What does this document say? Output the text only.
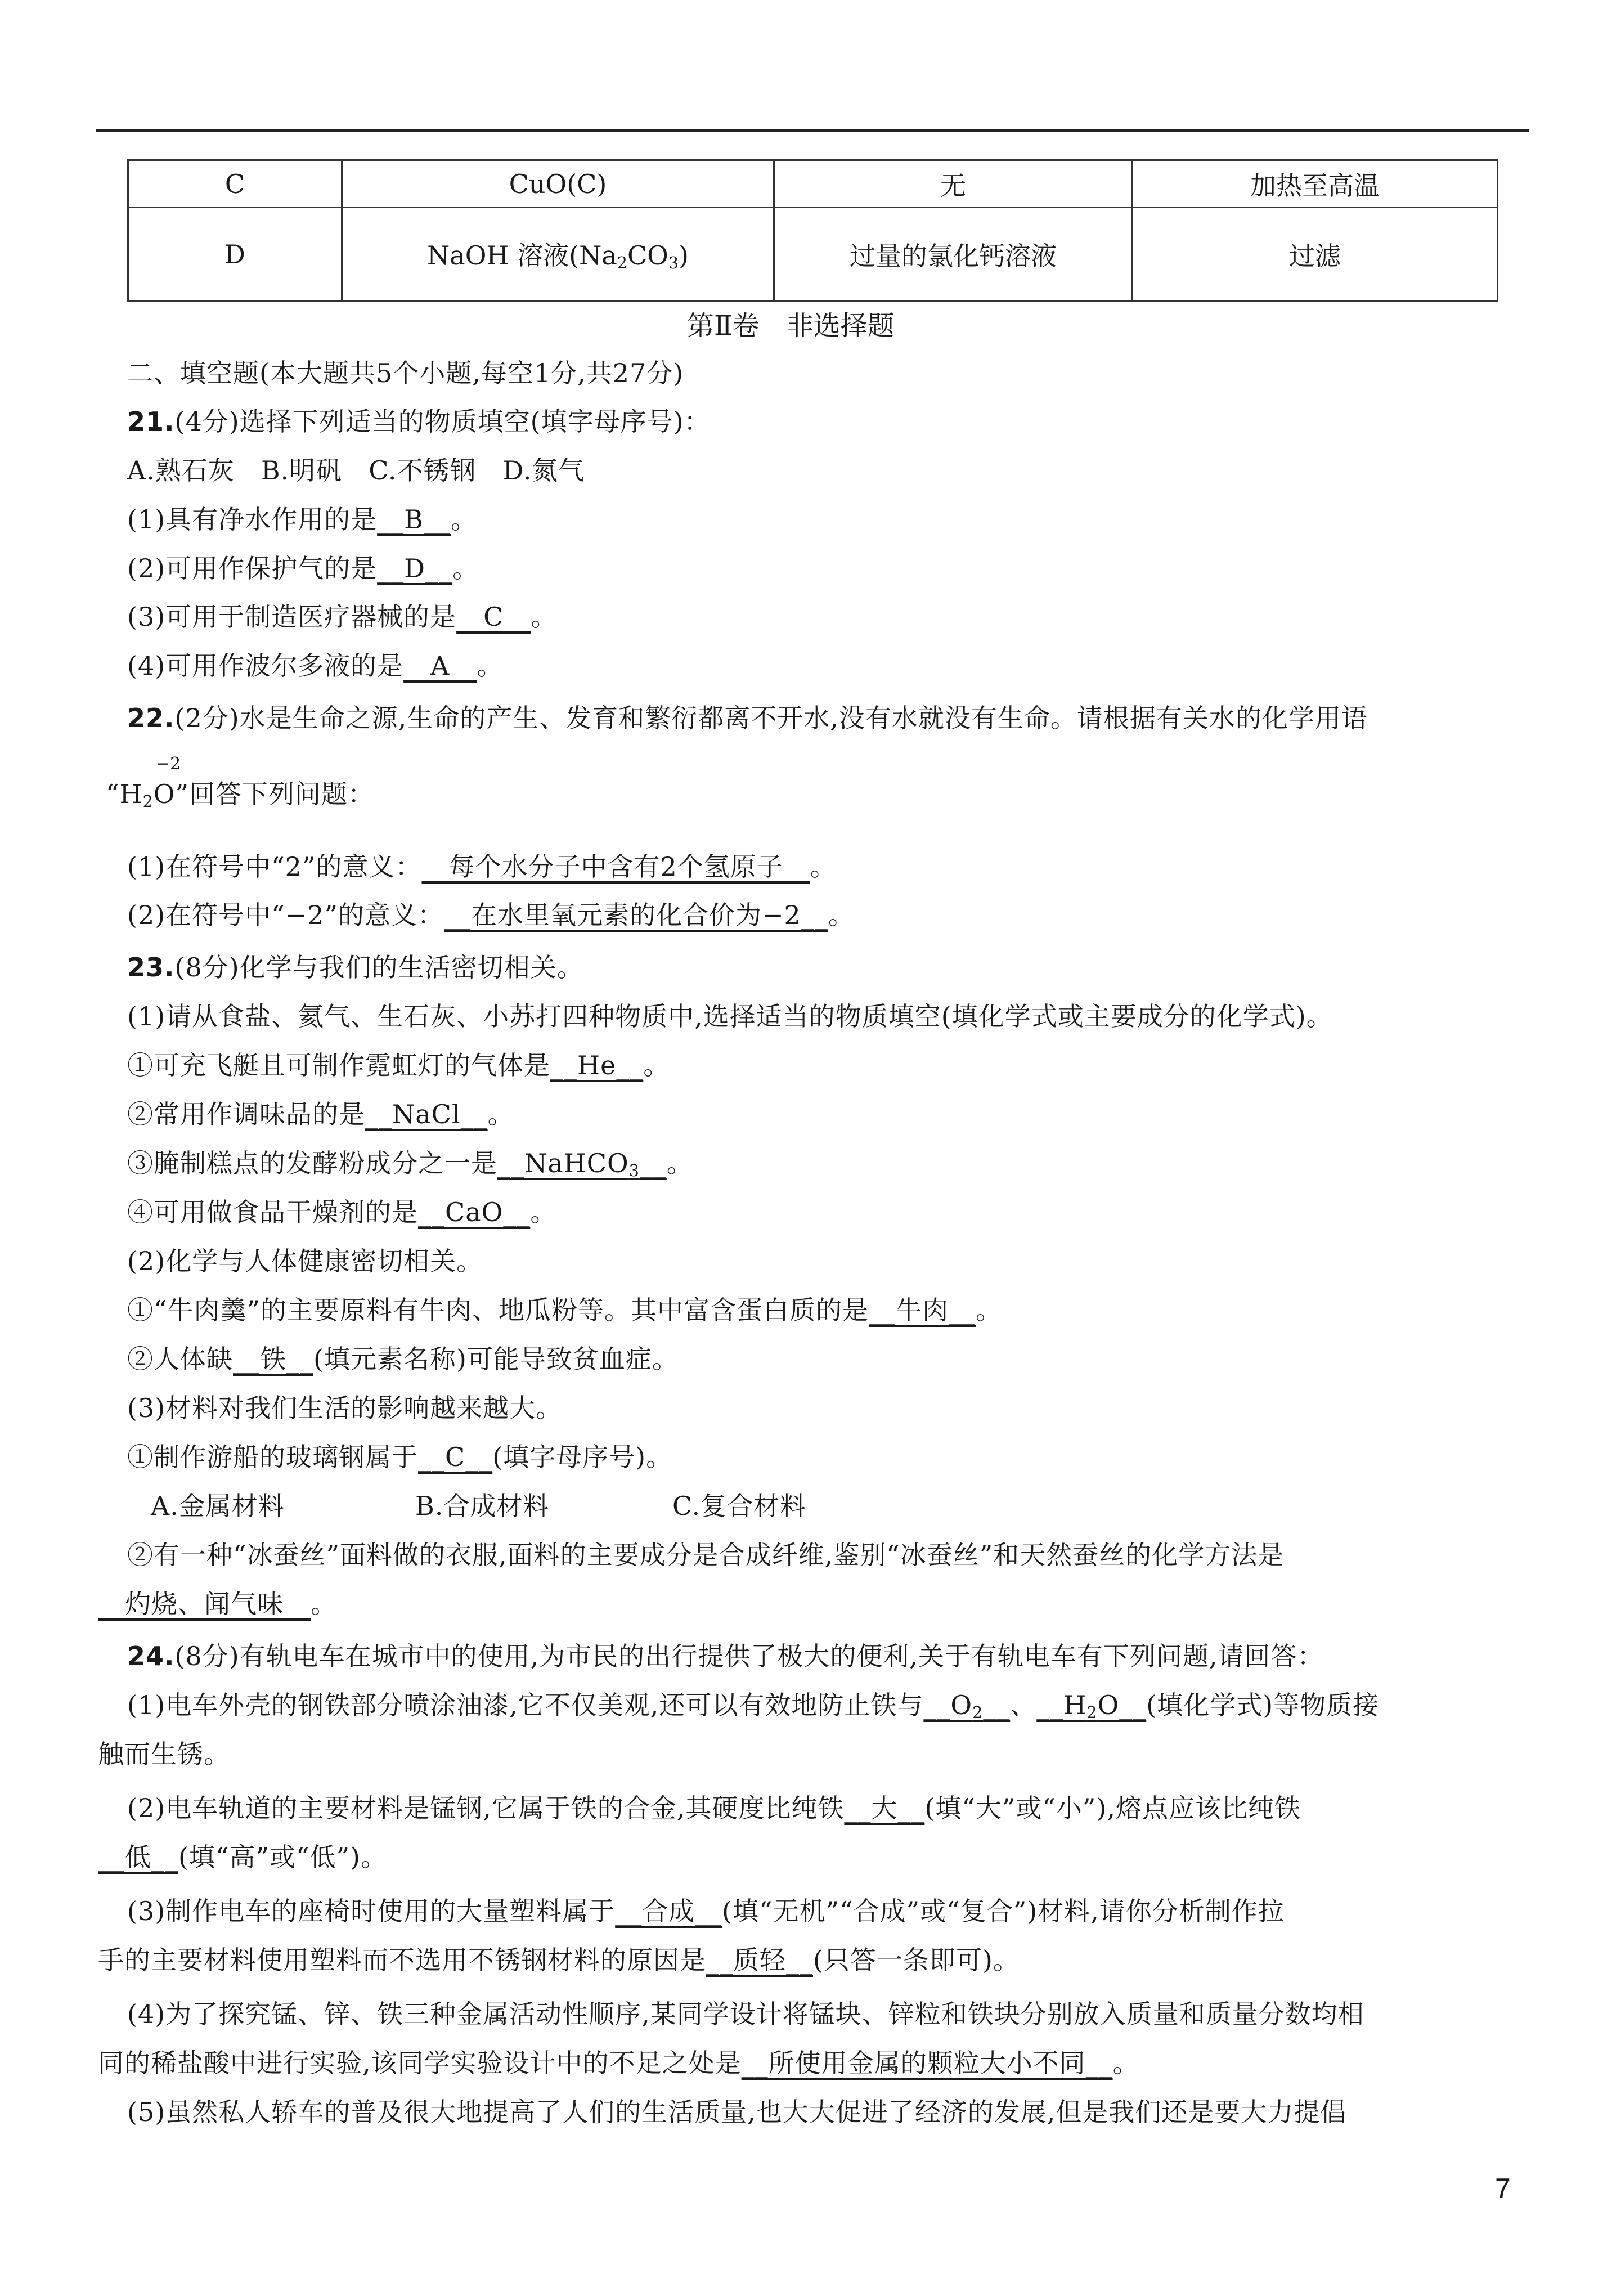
C	CuO(C)	无	加热至高温
D	NaOH 溶液$(Na_2CO_3)$	过量的氯化钙溶液	过滤
第Ⅱ卷　非选择题
二、填空题(本大题共5个小题,每空1分,共27分)
21.(4分)选择下列适当的物质填空(填字母序号)：
A.熟石灰　B.明矾　C.不锈钢　D.氮气
(1)具有净水作用的是__B__。
(2)可用作保护气的是__D__。
(3)可用于制造医疗器械的是__C__。
(4)可用作波尔多液的是__A__。
22.(2分)水是生命之源,生命的产生、发育和繁衍都离不开水,没有水就没有生命。请根据有关水的化学用语
−2
“$H_2O$”回答下列问题：
(1)在符号中“2”的意义：__每个水分子中含有2个氢原子__。
(2)在符号中“−2”的意义：__在水里氧元素的化合价为−2__。
23.(8分)化学与我们的生活密切相关。
(1)请从食盐、氦气、生石灰、小苏打四种物质中,选择适当的物质填空(填化学式或主要成分的化学式)。
①可充飞艇且可制作霓虹灯的气体是__He__。
②常用作调味品的是__NaCl__。
③腌制糕点的发酵粉成分之一是__NaHCO$_3$__。
④可用做食品干燥剂的是__CaO__。
(2)化学与人体健康密切相关。
①“牛肉羹”的主要原料有牛肉、地瓜粉等。其中富含蛋白质的是__牛肉__。
②人体缺__铁__(填元素名称)可能导致贫血症。
(3)材料对我们生活的影响越来越大。
①制作游船的玻璃钢属于__C__(填字母序号)。
A.金属材料	B.合成材料	C.复合材料
②有一种“冰蚕丝”面料做的衣服,面料的主要成分是合成纤维,鉴别“冰蚕丝”和天然蚕丝的化学方法是
__灼烧、闻气味__。
24.(8分)有轨电车在城市中的使用,为市民的出行提供了极大的便利,关于有轨电车有下列问题,请回答：
(1)电车外壳的钢铁部分喷涂油漆,它不仅美观,还可以有效地防止铁与$\_\_O_2\_\_$、$\_\_H_2O\_\_$(填化学式)等物质接
触而生锈。
(2)电车轨道的主要材料是锰钢,它属于铁的合金,其硬度比纯铁__大__(填“大”或“小”),熔点应该比纯铁
__低__(填“高”或“低”)。
(3)制作电车的座椅时使用的大量塑料属于__合成__(填“无机”“合成”或“复合”)材料,请你分析制作拉
手的主要材料使用塑料而不选用不锈钢材料的原因是__质轻__(只答一条即可)。
(4)为了探究锰、锌、铁三种金属活动性顺序,某同学设计将锰块、锌粒和铁块分别放入质量和质量分数均相
同的稀盐酸中进行实验,该同学实验设计中的不足之处是__所使用金属的颗粒大小不同__。
(5)虽然私人轿车的普及很大地提高了人们的生活质量,也大大促进了经济的发展,但是我们还是要大力提倡
7
